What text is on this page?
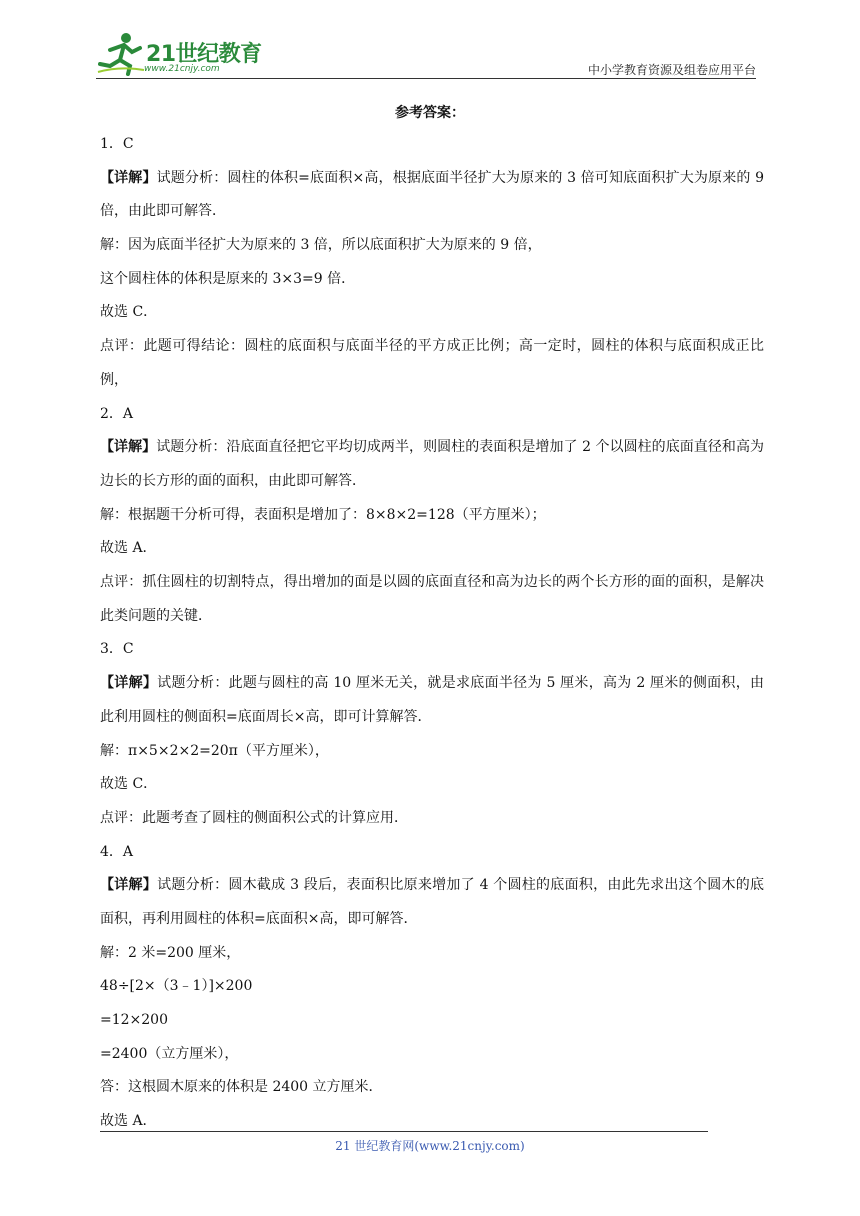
21世纪教育
www.21cnjy.com	中小学教育资源及组卷应用平台
参考答案：
1．C
【详解】试题分析：圆柱的体积=底面积×高，根据底面半径扩大为原来的 3 倍可知底面积扩大为原来的 9 倍，由此即可解答．
解：因为底面半径扩大为原来的 3 倍，所以底面积扩大为原来的 9 倍，
这个圆柱体的体积是原来的 3×3=9 倍．
故选 C．
点评：此题可得结论：圆柱的底面积与底面半径的平方成正比例；高一定时，圆柱的体积与底面积成正比例，
2．A
【详解】试题分析：沿底面直径把它平均切成两半，则圆柱的表面积是增加了 2 个以圆柱的底面直径和高为边长的长方形的面的面积，由此即可解答．
解：根据题干分析可得，表面积是增加了：8×8×2=128（平方厘米）；
故选 A．
点评：抓住圆柱的切割特点，得出增加的面是以圆的底面直径和高为边长的两个长方形的面的面积，是解决此类问题的关键．
3．C
【详解】试题分析：此题与圆柱的高 10 厘米无关，就是求底面半径为 5 厘米，高为 2 厘米的侧面积，由此利用圆柱的侧面积=底面周长×高，即可计算解答．
解：π×5×2×2=20π（平方厘米），
故选 C．
点评：此题考查了圆柱的侧面积公式的计算应用．
4．A
【详解】试题分析：圆木截成 3 段后，表面积比原来增加了 4 个圆柱的底面积，由此先求出这个圆木的底面积，再利用圆柱的体积=底面积×高，即可解答．
解：2 米=200 厘米，
48÷[2×（3﹣1）]×200
=12×200
=2400（立方厘米），
答：这根圆木原来的体积是 2400 立方厘米．
故选 A．
21 世纪教育网(www.21cnjy.com)
